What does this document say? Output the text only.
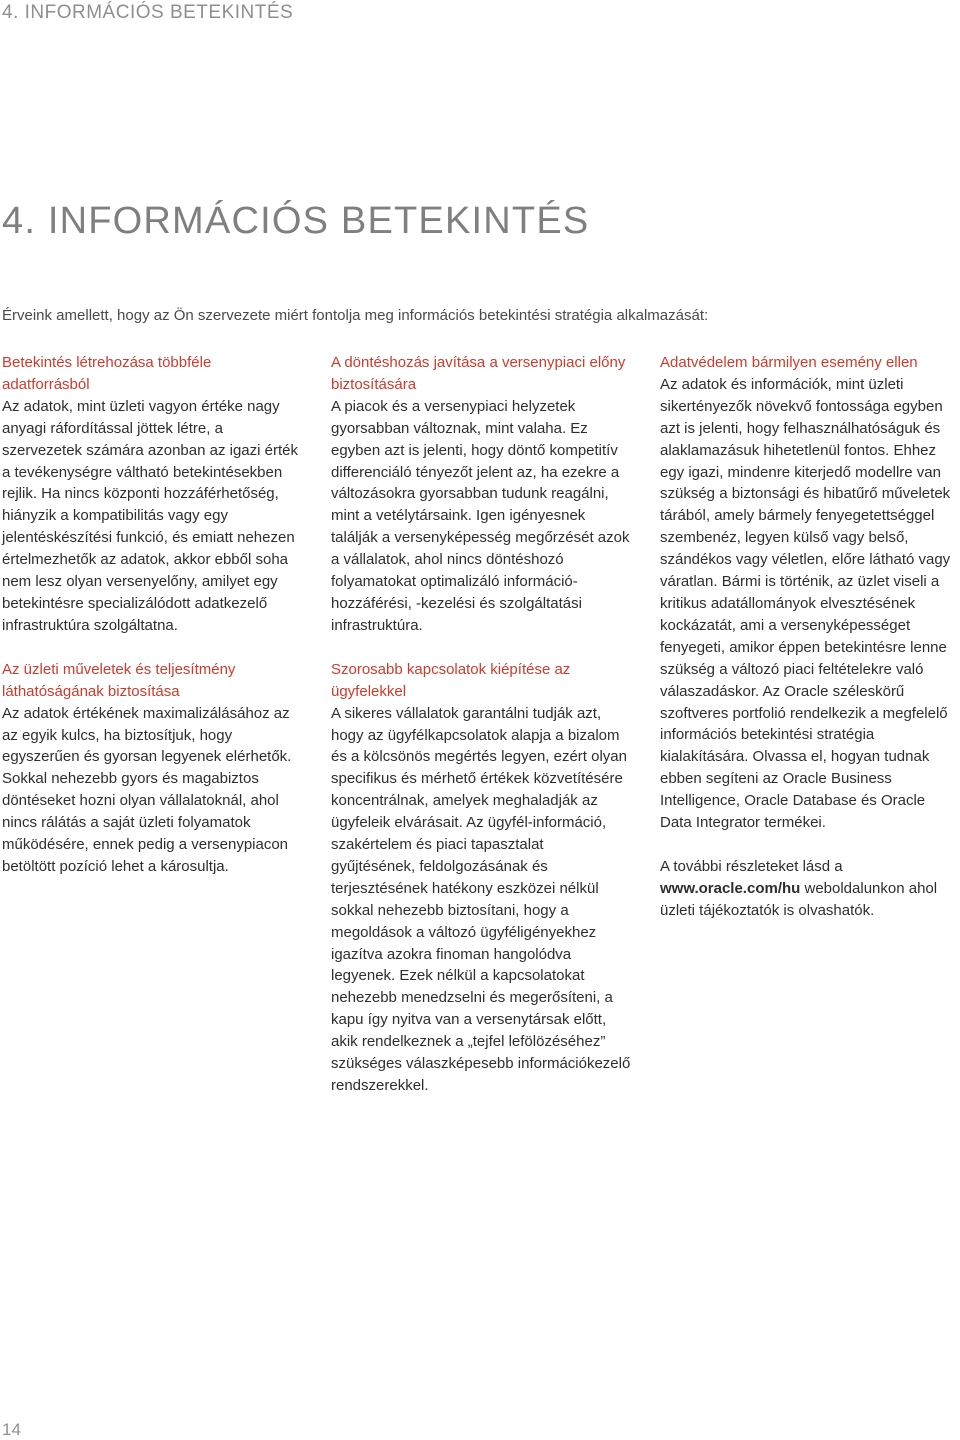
4. INFORMÁCIÓS BETEKINTÉS
4. INFORMÁCIÓS BETEKINTÉS

Érveink amellett, hogy az Ön szervezete miért fontolja meg információs betekintési stratégia alkalmazását:

Betekintés létrehozása többféle adatforrásból

Az adatok, mint üzleti vagyon értéke nagy anyagi ráfordítással jöttek létre, a szervezetek számára azonban az igazi érték a tevékenységre váltható betekintésekben rejlik. Ha nincs központi hozzáférhetőség, hiányzik a kompatibilitás vagy egy jelentéskészítési funkció, és emiatt nehezen értelmezhetők az adatok, akkor ebből soha nem lesz olyan versenyelőny, amilyet egy betekintésre specializálódott adatkezelő infrastruktúra szolgáltatna.

Az üzleti műveletek és teljesítmény láthatóságának biztosítása

Az adatok értékének maximalizálásához az az egyik kulcs, ha biztosítjuk, hogy egyszerűen és gyorsan legyenek elérhetők. Sokkal nehezebb gyors és magabiztos döntéseket hozni olyan vállalatoknál, ahol nincs rálátás a saját üzleti folyamatok működésére, ennek pedig a versenypiacon betöltött pozíció lehet a károsultja.

A döntéshozás javítása a versenypiaci előny biztosítására

A piacok és a versenypiaci helyzetek gyorsabban változnak, mint valaha. Ez egyben azt is jelenti, hogy döntő kompetitív differenciáló tényezőt jelent az, ha ezekre a változásokra gyorsabban tudunk reagálni, mint a vetélytársaink. Igen igényesnek találják a versenyképesség megőrzését azok a vállalatok, ahol nincs döntéshozó folyamatokat optimalizáló információ-hozzáférési, -kezelési és szolgáltatási infrastruktúra.

Szorosabb kapcsolatok kiépítése az ügyfelekkel

A sikeres vállalatok garantálni tudják azt, hogy az ügyfélkapcsolatok alapja a bizalom és a kölcsönös megértés legyen, ezért olyan specifikus és mérhető értékek közvetítésére koncentrálnak, amelyek meghaladják az ügyfeleik elvárásait. Az ügyfél-információ, szakértelem és piaci tapasztalat gyűjtésének, feldolgozásának és terjesztésének hatékony eszközei nélkül sokkal nehezebb biztosítani, hogy a megoldások a változó ügyféligényekhez igazítva azokra finoman hangolódva legyenek. Ezek nélkül a kapcsolatokat nehezebb menedzselni és megerősíteni, a kapu így nyitva van a versenytársak előtt, akik rendelkeznek a „tejfel lefölözéséhez” szükséges válaszképesebb információkezelő rendszerekkel.

Adatvédelem bármilyen esemény ellen

Az adatok és információk, mint üzleti sikertényezők növekvő fontossága egyben azt is jelenti, hogy felhasználhatóságuk és alaklamazásuk hihetetlenül fontos. Ehhez egy igazi, mindenre kiterjedő modellre van szükség a biztonsági és hibatűrő műveletek tárából, amely bármely fenyegetettséggel szembenéz, legyen külső vagy belső, szándékos vagy véletlen, előre látható vagy váratlan. Bármi is történik, az üzlet viseli a kritikus adatállományok elvesztésének kockázatát, ami a versenyképességet fenyegeti, amikor éppen betekintésre lenne szükség a változó piaci feltételekre való válaszadáskor. Az Oracle széleskörű szoftveres portfolió rendelkezik a megfelelő információs betekintési stratégia kialakítására. Olvassa el, hogyan tudnak ebben segíteni az Oracle Business Intelligence, Oracle Database és Oracle Data Integrator termékei.

A további részleteket lásd a www.oracle.com/hu weboldalunkon ahol üzleti tájékoztatók is olvashatók.

14
